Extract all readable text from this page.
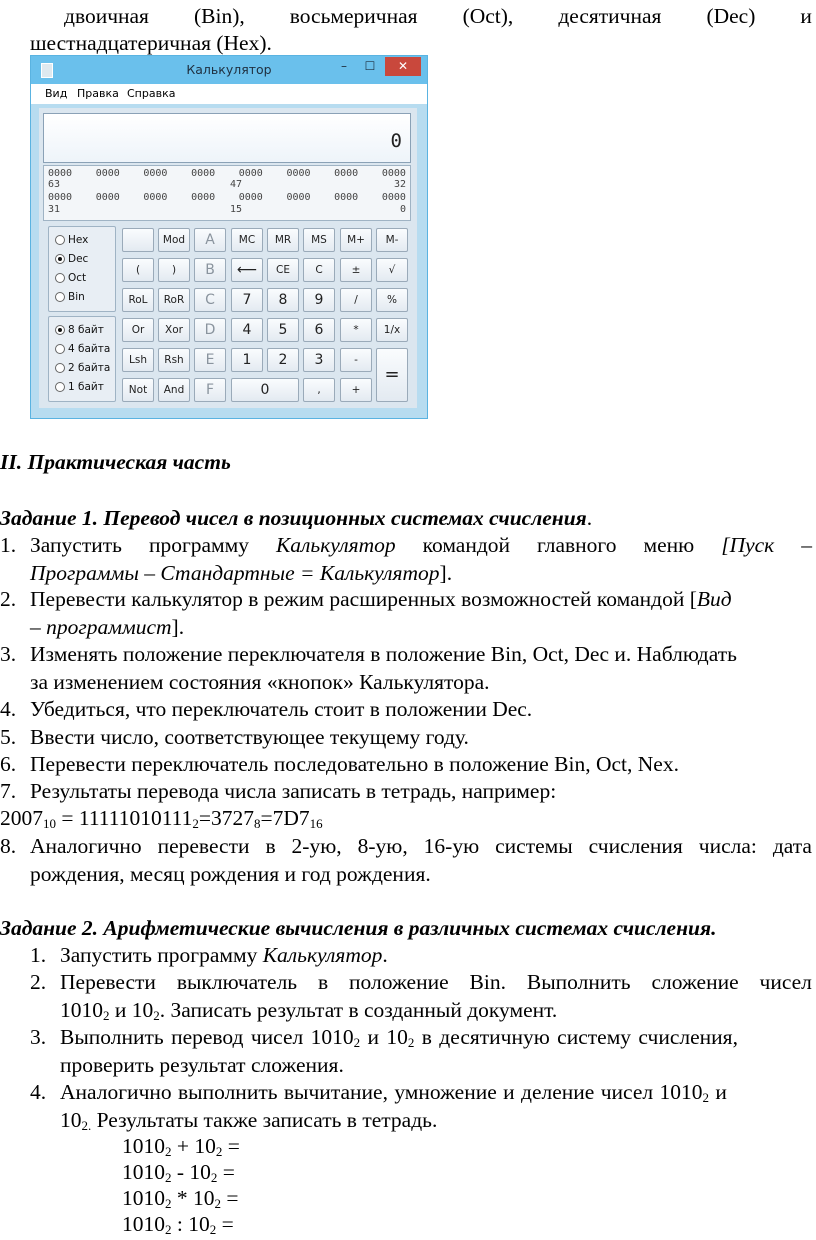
двоичная (Bin), восьмеричная (Oct), десятичная (Dec) и
шестнадцатеричная (Hex).
Калькулятор	–	☐	✕
Вид Правка Справка
0
0000 0000 0000 0000 0000 0000 0000 0000
63	47	32
0000 0000 0000 0000 0000 0000 0000 0000
31	15	0
Hex
Dec
Oct
Bin
8 байт
4 байта
2 байта
1 байт
Mod	A	MC	MR	MS	M+	M-
(	)	B	⟵	CE	C	±	√
RoL	RoR	C	7	8	9	/	%
Or	Xor	D	4	5	6	*	1/x
Lsh	Rsh	E	1	2	3	-
=
Not	And	F	0	,	+
II. Практическая часть
Задание 1. Перевод чисел в позиционных системах счисления.
1. Запустить программу Калькулятор командой главного меню [Пуск –
Программы – Стандартные = Калькулятор].
2. Перевести калькулятор в режим расширенных возможностей командой [Вид
– программист].
3. Изменять положение переключателя в положение Bin, Oct, Dec и. Наблюдать
за изменением состояния «кнопок» Калькулятора.
4. Убедиться, что переключатель стоит в положении Dec.
5. Ввести число, соответствующее текущему году.
6. Перевести переключатель последовательно в положение Bin, Oct, Nex.
7. Результаты перевода числа записать в тетрадь, например:
$2007_{10} = 11111010111_2=3727_8=7D7_{16}$
8. Аналогично перевести в 2-ую, 8-ую, 16-ую системы счисления числа: дата
рождения, месяц рождения и год рождения.
Задание 2. Арифметические вычисления в различных системах счисления.
1. Запустить программу Калькулятор.
2. Перевести выключатель в положение Bin. Выполнить сложение чисел
$1010_2$ и $10_2$. Записать результат в созданный документ.
3. Выполнить перевод чисел $1010_2$ и $10_2$ в десятичную систему счисления,
проверить результат сложения.
4. Аналогично выполнить вычитание, умножение и деление чисел $1010_2$ и
$10_{2.}$ Результаты также записать в тетрадь.
$1010_2 + 10_2$ =
$1010_2 - 10_2$ =
$1010_2 * 10_2$ =
$1010_2$ : $10_2$ =
